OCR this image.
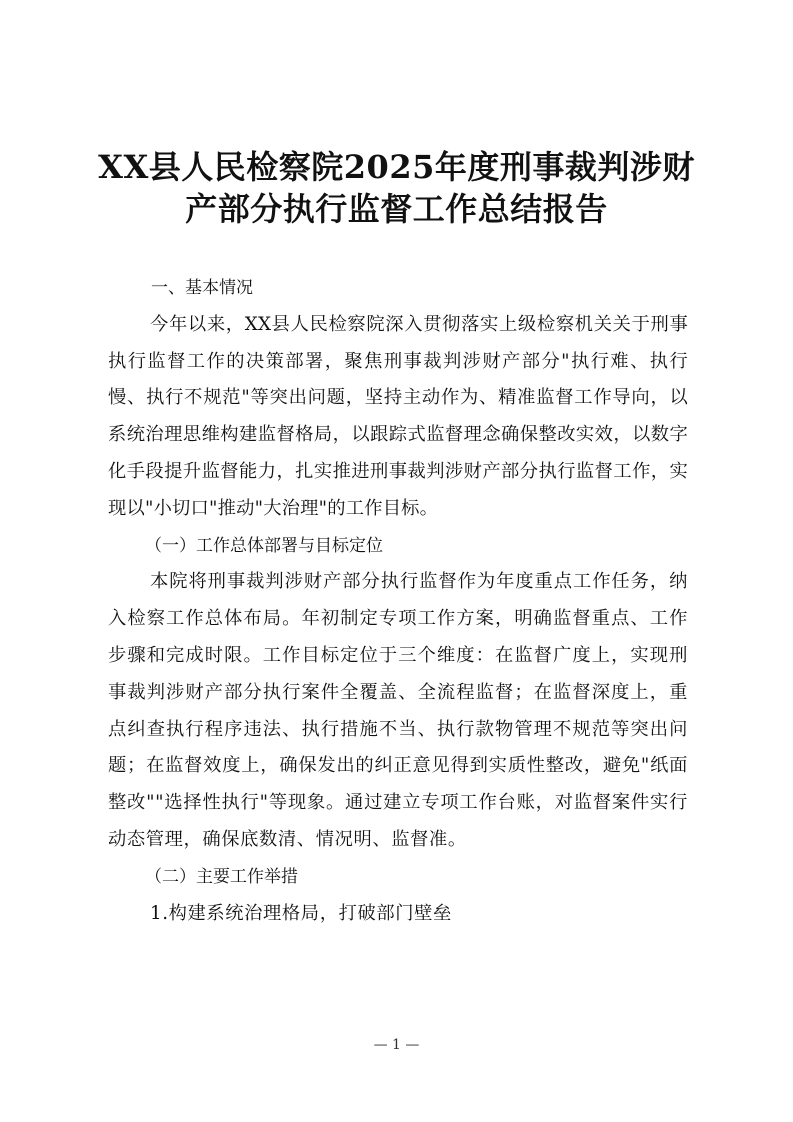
XX县人民检察院2025年度刑事裁判涉财
产部分执行监督工作总结报告

一、基本情况

今年以来，XX县人民检察院深入贯彻落实上级检察机关关于刑事执行监督工作的决策部署，聚焦刑事裁判涉财产部分"执行难、执行慢、执行不规范"等突出问题，坚持主动作为、精准监督工作导向，以系统治理思维构建监督格局，以跟踪式监督理念确保整改实效，以数字化手段提升监督能力，扎实推进刑事裁判涉财产部分执行监督工作，实现以"小切口"推动"大治理"的工作目标。

（一）工作总体部署与目标定位

本院将刑事裁判涉财产部分执行监督作为年度重点工作任务，纳入检察工作总体布局。年初制定专项工作方案，明确监督重点、工作步骤和完成时限。工作目标定位于三个维度：在监督广度上，实现刑事裁判涉财产部分执行案件全覆盖、全流程监督；在监督深度上，重点纠查执行程序违法、执行措施不当、执行款物管理不规范等突出问题；在监督效度上，确保发出的纠正意见得到实质性整改，避免"纸面整改""选择性执行"等现象。通过建立专项工作台账，对监督案件实行动态管理，确保底数清、情况明、监督准。

（二）主要工作举措

1.构建系统治理格局，打破部门壁垒

— 1 —
